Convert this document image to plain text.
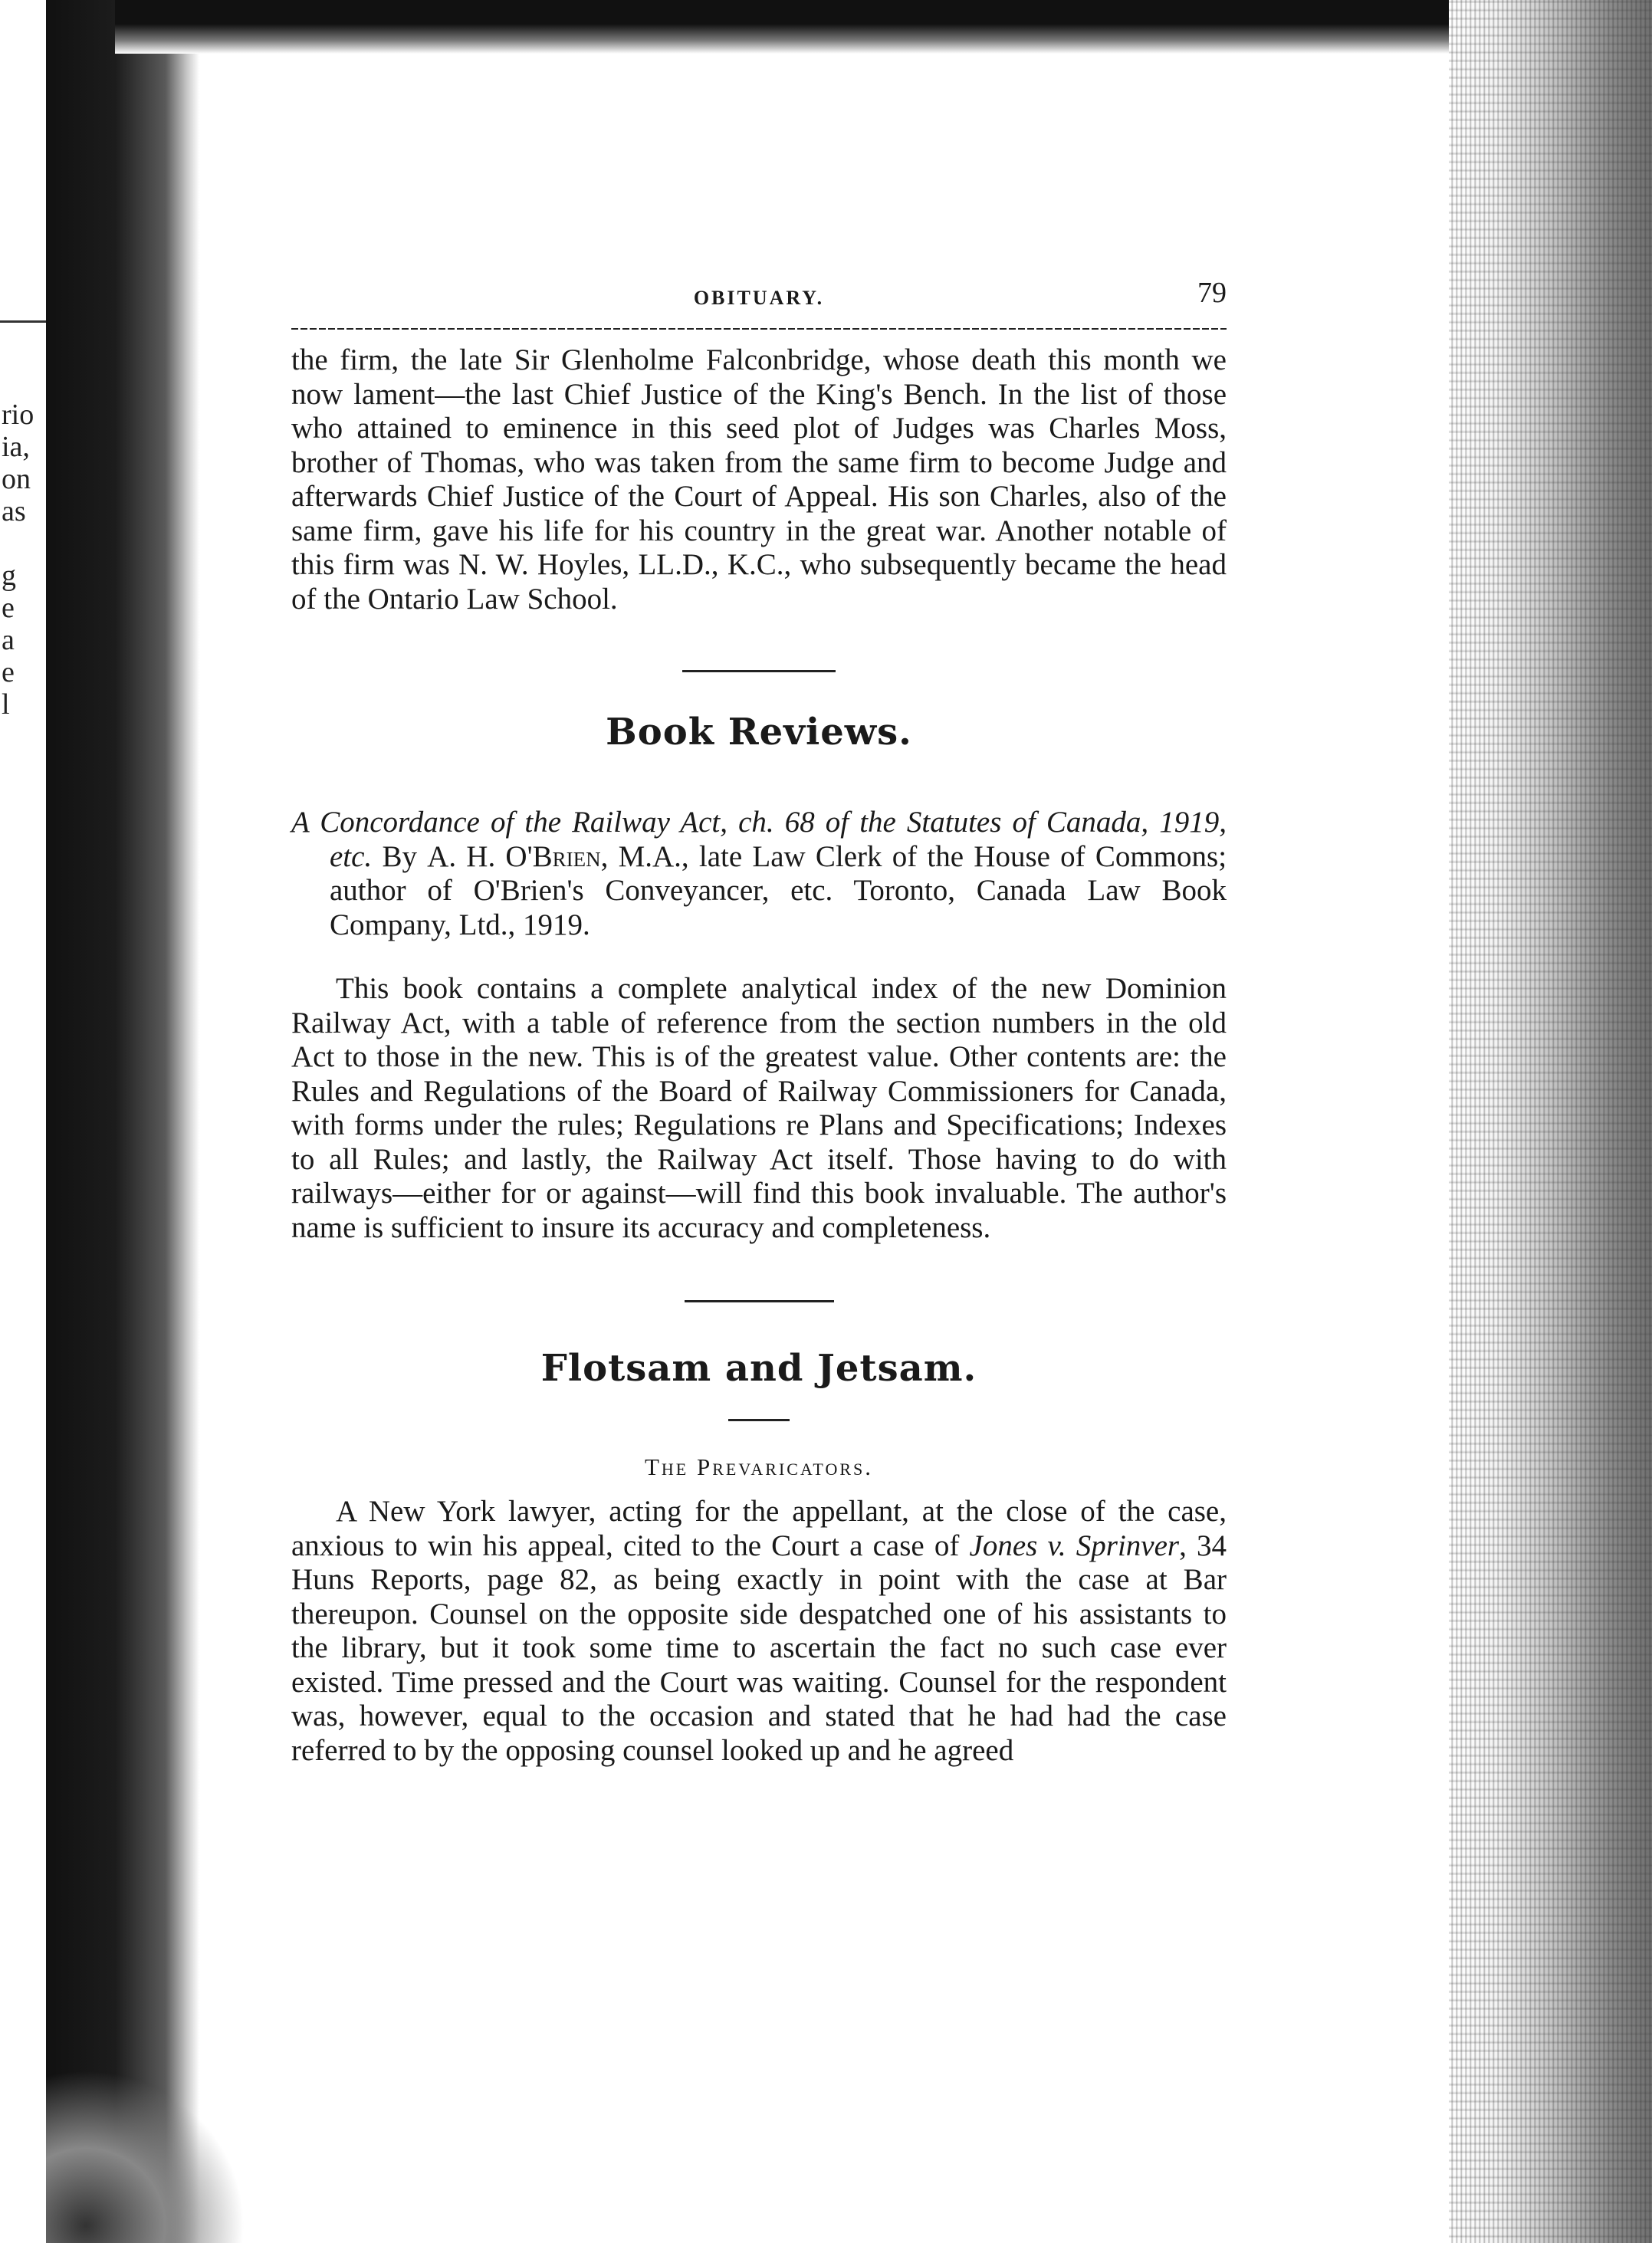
rio
ia,
on
as
g
e
a
e
l
OBITUARY.	79

the firm, the late Sir Glenholme Falconbridge, whose death this month we now lament—the last Chief Justice of the King's Bench. In the list of those who attained to eminence in this seed plot of Judges was Charles Moss, brother of Thomas, who was taken from the same firm to become Judge and afterwards Chief Justice of the Court of Appeal. His son Charles, also of the same firm, gave his life for his country in the great war. Another notable of this firm was N. W. Hoyles, LL.D., K.C., who subsequently became the head of the Ontario Law School.

Book Reviews.

A Concordance of the Railway Act, ch. 68 of the Statutes of Canada, 1919, etc. By A. H. O'Brien, M.A., late Law Clerk of the House of Commons; author of O'Brien's Conveyancer, etc. Toronto, Canada Law Book Company, Ltd., 1919.

This book contains a complete analytical index of the new Dominion Railway Act, with a table of reference from the section numbers in the old Act to those in the new. This is of the greatest value. Other contents are: the Rules and Regulations of the Board of Railway Commissioners for Canada, with forms under the rules; Regulations re Plans and Specifications; Indexes to all Rules; and lastly, the Railway Act itself. Those having to do with railways—either for or against—will find this book invaluable. The author's name is sufficient to insure its accuracy and completeness.

Flotsam and Jetsam.
The Prevaricators.

A New York lawyer, acting for the appellant, at the close of the case, anxious to win his appeal, cited to the Court a case of Jones v. Sprinver, 34 Huns Reports, page 82, as being exactly in point with the case at Bar thereupon. Counsel on the opposite side despatched one of his assistants to the library, but it took some time to ascertain the fact no such case ever existed. Time pressed and the Court was waiting. Counsel for the respondent was, however, equal to the occasion and stated that he had had the case referred to by the opposing counsel looked up and he agreed
